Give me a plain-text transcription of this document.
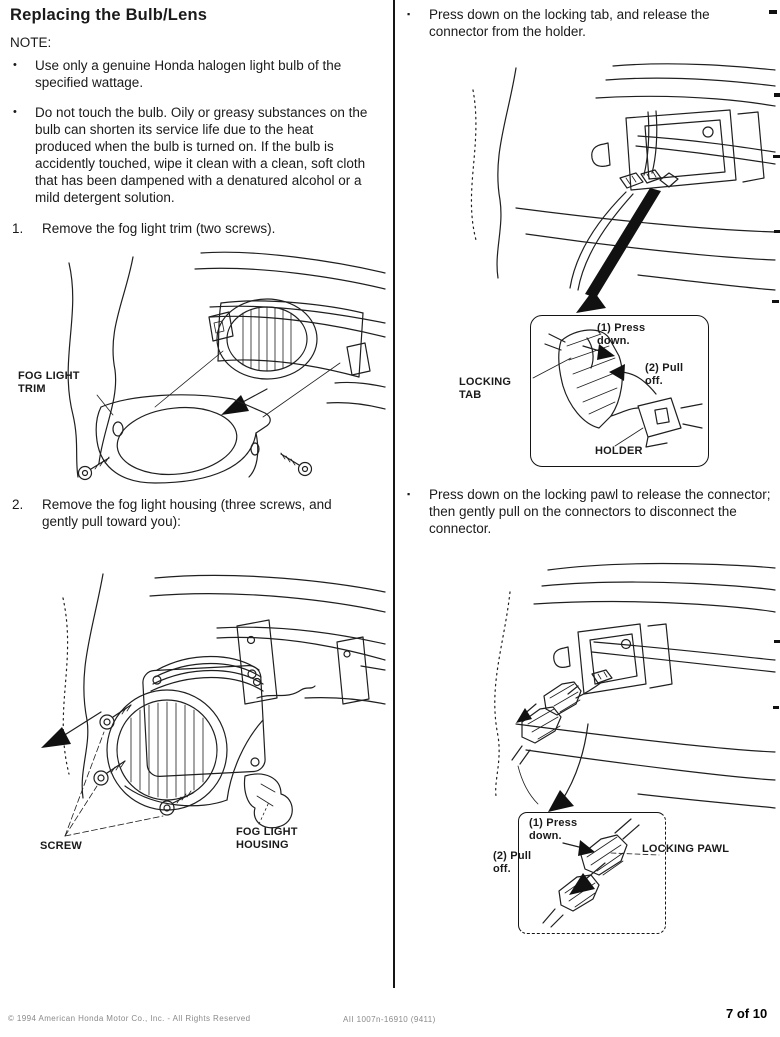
Replacing the Bulb/Lens
NOTE:
•	Use only a genuine Honda halogen light bulb of the specified wattage.
•	Do not touch the bulb. Oily or greasy substances on the bulb can shorten its service life due to the heat produced when the bulb is turned on. If the bulb is accidently touched, wipe it clean with a clean, soft cloth that has been dampened with a denatured alcohol or a mild detergent solution.
1.	Remove the fog light trim (two screws).
FOG LIGHT TRIM
2.	Remove the fog light housing (three screws, and gently pull toward you):
SCREW
FOG LIGHT HOUSING
▪	Press down on the locking tab, and release the connector from the holder.
(1) Press down.
(2) Pull off.
HOLDER
LOCKING TAB
▪	Press down on the locking pawl to release the connector; then gently pull on the connectors to disconnect the connector.
(1) Press down.
(2) Pull off.
LOCKING PAWL
© 1994 American Honda Motor Co., Inc. - All Rights Reserved	AII 1007n-16910 (9411)	7 of 10
